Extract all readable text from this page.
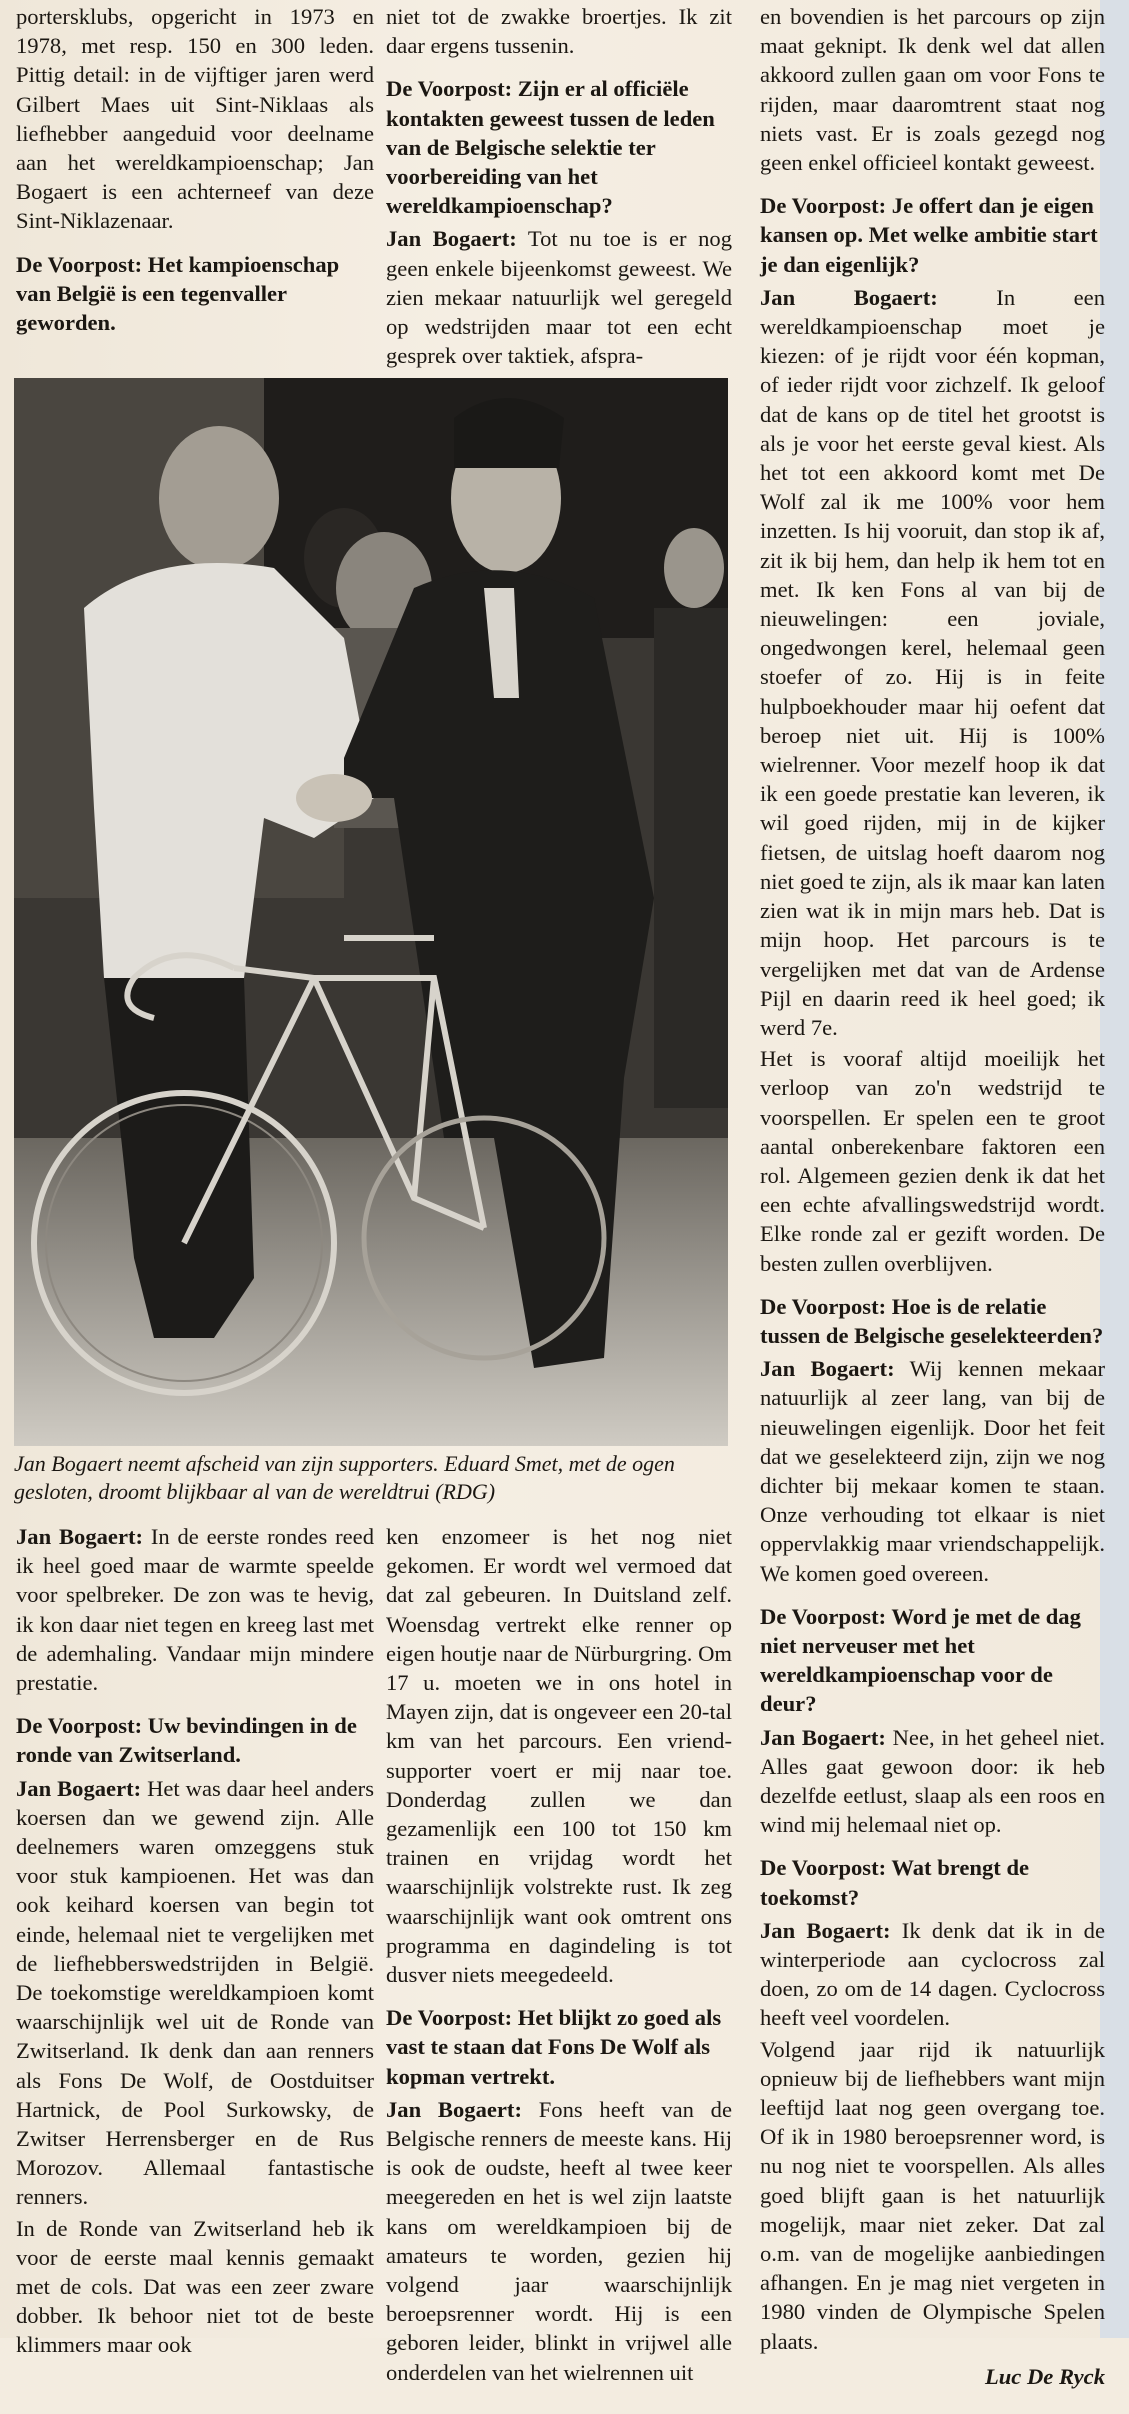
portersklubs, opgericht in 1973 en 1978, met resp. 150 en 300 leden. Pittig detail: in de vijftiger jaren werd Gilbert Maes uit Sint-Niklaas als liefhebber aangeduid voor deelname aan het wereldkampioenschap; Jan Bogaert is een achterneef van deze Sint-Niklazenaar.

De Voorpost: Het kampioenschap van België is een tegenvaller geworden.

niet tot de zwakke broertjes. Ik zit daar ergens tussenin.

De Voorpost: Zijn er al officiële kontakten geweest tussen de leden van de Belgische selektie ter voorbereiding van het wereldkampioenschap?

Jan Bogaert: Tot nu toe is er nog geen enkele bijeenkomst geweest. We zien mekaar natuurlijk wel geregeld op wedstrijden maar tot een echt gesprek over taktiek, afspra-

Jan Bogaert neemt afscheid van zijn supporters. Eduard Smet, met de ogen gesloten, droomt blijkbaar al van de wereldtrui (RDG)

Jan Bogaert: In de eerste rondes reed ik heel goed maar de warmte speelde voor spelbreker. De zon was te hevig, ik kon daar niet tegen en kreeg last met de ademhaling. Vandaar mijn mindere prestatie.

De Voorpost: Uw bevindingen in de ronde van Zwitserland.

Jan Bogaert: Het was daar heel anders koersen dan we gewend zijn. Alle deelnemers waren omzeggens stuk voor stuk kampioenen. Het was dan ook keihard koersen van begin tot einde, helemaal niet te vergelijken met de liefhebberswedstrijden in België. De toekomstige wereldkampioen komt waarschijnlijk wel uit de Ronde van Zwitserland. Ik denk dan aan renners als Fons De Wolf, de Oostduitser Hartnick, de Pool Surkowsky, de Zwitser Herrensberger en de Rus Morozov. Allemaal fantastische renners.

In de Ronde van Zwitserland heb ik voor de eerste maal kennis gemaakt met de cols. Dat was een zeer zware dobber. Ik behoor niet tot de beste klimmers maar ook

ken enzomeer is het nog niet gekomen. Er wordt wel vermoed dat dat zal gebeuren. In Duitsland zelf. Woensdag vertrekt elke renner op eigen houtje naar de Nürburgring. Om 17 u. moeten we in ons hotel in Mayen zijn, dat is ongeveer een 20-tal km van het parcours. Een vriend-supporter voert er mij naar toe. Donderdag zullen we dan gezamenlijk een 100 tot 150 km trainen en vrijdag wordt het waarschijnlijk volstrekte rust. Ik zeg waarschijnlijk want ook omtrent ons programma en dagindeling is tot dusver niets meegedeeld.

De Voorpost: Het blijkt zo goed als vast te staan dat Fons De Wolf als kopman vertrekt.

Jan Bogaert: Fons heeft van de Belgische renners de meeste kans. Hij is ook de oudste, heeft al twee keer meegereden en het is wel zijn laatste kans om wereldkampioen bij de amateurs te worden, gezien hij volgend jaar waarschijnlijk beroepsrenner wordt. Hij is een geboren leider, blinkt in vrijwel alle onderdelen van het wielrennen uit

en bovendien is het parcours op zijn maat geknipt. Ik denk wel dat allen akkoord zullen gaan om voor Fons te rijden, maar daaromtrent staat nog niets vast. Er is zoals gezegd nog geen enkel officieel kontakt geweest.

De Voorpost: Je offert dan je eigen kansen op. Met welke ambitie start je dan eigenlijk?

Jan Bogaert:	In een wereldkampioenschap moet je kiezen: of je rijdt voor één kopman, of ieder rijdt voor zichzelf. Ik geloof dat de kans op de titel het grootst is als je voor het eerste geval kiest. Als het tot een akkoord komt met De Wolf zal ik me 100% voor hem inzetten. Is hij vooruit, dan stop ik af, zit ik bij hem, dan help ik hem tot en met. Ik ken Fons al van bij de nieuwelingen: een joviale, ongedwongen kerel, helemaal geen stoefer of zo. Hij is in feite hulpboekhouder maar hij oefent dat beroep niet uit. Hij is 100% wielrenner. Voor mezelf hoop ik dat ik een goede prestatie kan leveren, ik wil goed rijden, mij in de kijker fietsen, de uitslag hoeft daarom nog niet goed te zijn, als ik maar kan laten zien wat ik in mijn mars heb. Dat is mijn hoop. Het parcours is te vergelijken met dat van de Ardense Pijl en daarin reed ik heel goed; ik werd 7e.

Het is vooraf altijd moeilijk het verloop van zo'n wedstrijd te voorspellen. Er spelen een te groot aantal onberekenbare faktoren een rol. Algemeen gezien denk ik dat het een echte afvallingswedstrijd wordt. Elke ronde zal er gezift worden. De besten zullen overblijven.

De Voorpost: Hoe is de relatie tussen de Belgische geselekteerden?

Jan Bogaert: Wij kennen mekaar natuurlijk al zeer lang, van bij de nieuwelingen eigenlijk. Door het feit dat we geselekteerd zijn, zijn we nog dichter bij mekaar komen te staan. Onze verhouding tot elkaar is niet oppervlakkig maar vriendschappelijk. We komen goed overeen.

De Voorpost: Word je met de dag niet nerveuser met het wereldkampioenschap voor de deur?

Jan Bogaert: Nee, in het geheel niet. Alles gaat gewoon door: ik heb dezelfde eetlust, slaap als een roos en wind mij helemaal niet op.

De Voorpost: Wat brengt de toekomst?

Jan Bogaert: Ik denk dat ik in de winterperiode aan cyclocross zal doen, zo om de 14 dagen. Cyclocross heeft veel voordelen.

Volgend jaar rijd ik natuurlijk opnieuw bij de liefhebbers want mijn leeftijd laat nog geen overgang toe. Of ik in 1980 beroepsrenner word, is nu nog niet te voorspellen. Als alles goed blijft gaan is het natuurlijk mogelijk, maar niet zeker. Dat zal o.m. van de mogelijke aanbiedingen afhangen. En je mag niet vergeten in 1980 vinden de Olympische Spelen plaats.

Luc De Ryck
